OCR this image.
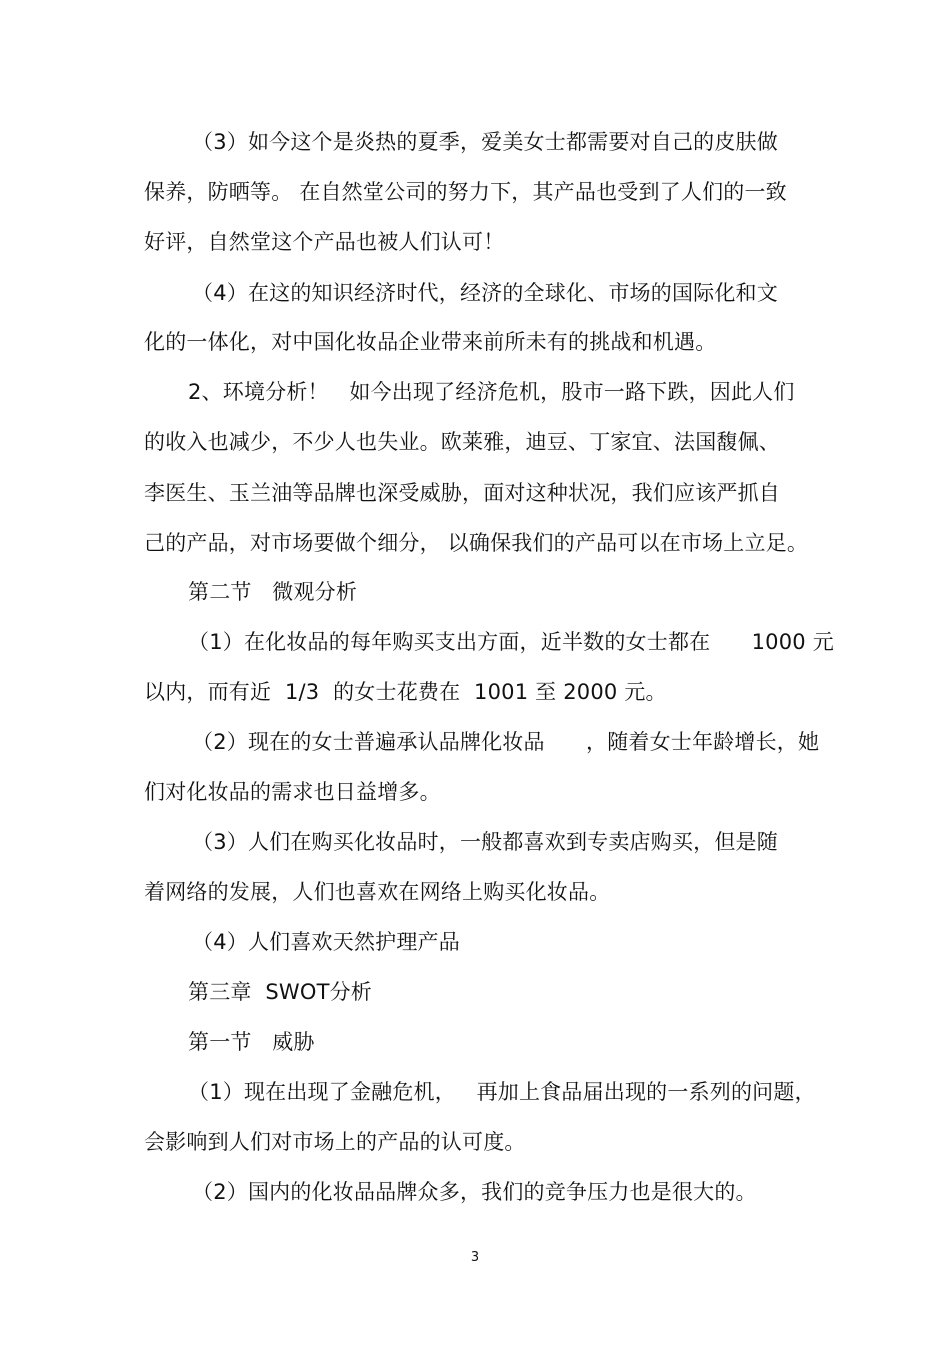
（3）如今这个是炎热的夏季，爱美女士都需要对自己的皮肤做
保养，防晒等。 在自然堂公司的努力下，其产品也受到了人们的一致
好评，自然堂这个产品也被人们认可！
（4）在这的知识经济时代，经济的全球化、市场的国际化和文
化的一体化，对中国化妆品企业带来前所未有的挑战和机遇。
2、环境分析！   如今出现了经济危机，股市一路下跌，因此人们
的收入也减少，不少人也失业。欧莱雅，迪豆、丁家宜、法国馥佩、
李医生、玉兰油等品牌也深受威胁，面对这种状况，我们应该严抓自
己的产品，对市场要做个细分， 以确保我们的产品可以在市场上立足。
第二节   微观分析
（1）在化妆品的每年购买支出方面，近半数的女士都在      1000 元
以内，而有近  1/3  的女士花费在  1001 至 2000 元。
（2）现在的女士普遍承认品牌化妆品      ，随着女士年龄增长，她
们对化妆品的需求也日益增多。
（3）人们在购买化妆品时，一般都喜欢到专卖店购买，但是随
着网络的发展，人们也喜欢在网络上购买化妆品。
（4）人们喜欢天然护理产品
第三章  SWOT分析
第一节   威胁
（1）现在出现了金融危机，   再加上食品届出现的一系列的问题，
会影响到人们对市场上的产品的认可度。
（2）国内的化妆品品牌众多，我们的竞争压力也是很大的。
3
